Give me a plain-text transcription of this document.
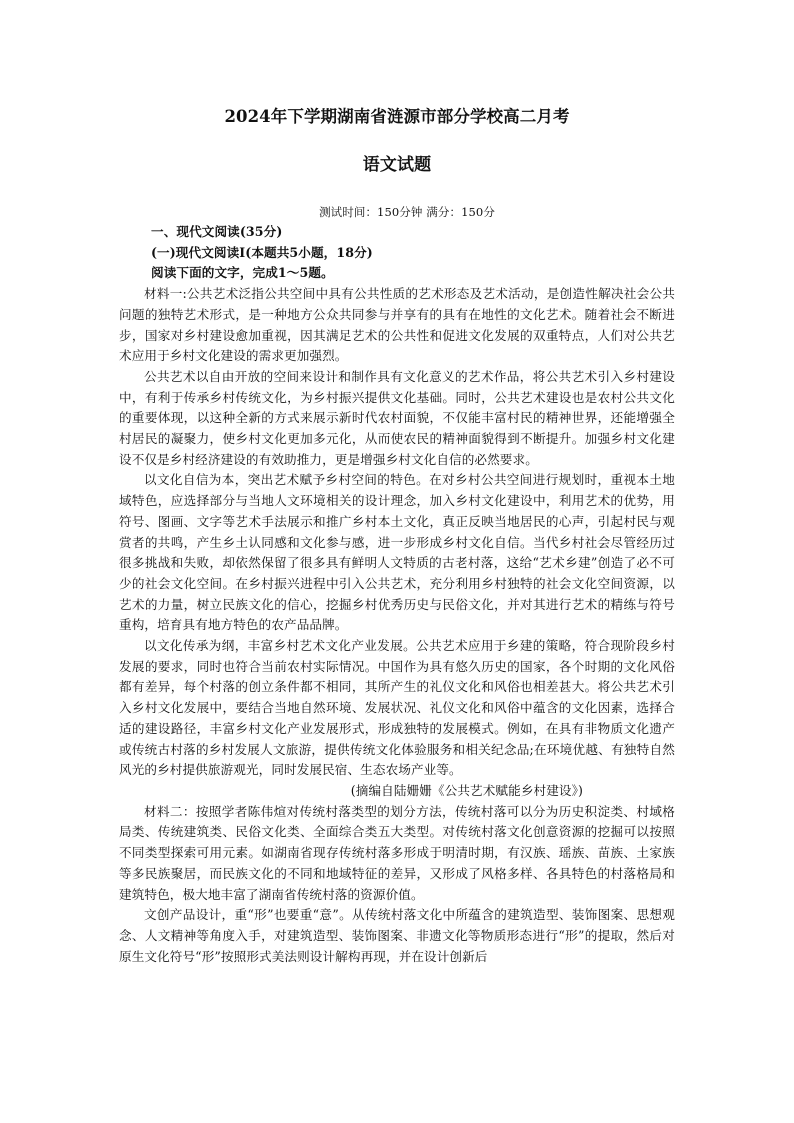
2024年下学期湖南省涟源市部分学校高二月考
语文试题
测试时间：150分钟 满分：150分
一、现代文阅读(35分)
(一)现代文阅读Ⅰ(本题共5小题，18分)
阅读下面的文字，完成1～5题。

材料一:公共艺术泛指公共空间中具有公共性质的艺术形态及艺术活动，是创造性解决社会公共问题的独特艺术形式，是一种地方公众共同参与并享有的具有在地性的文化艺术。随着社会不断进步，国家对乡村建设愈加重视，因其满足艺术的公共性和促进文化发展的双重特点，人们对公共艺术应用于乡村文化建设的需求更加强烈。

公共艺术以自由开放的空间来设计和制作具有文化意义的艺术作品，将公共艺术引入乡村建设中，有利于传承乡村传统文化，为乡村振兴提供文化基础。同时，公共艺术建设也是农村公共文化的重要体现，以这种全新的方式来展示新时代农村面貌，不仅能丰富村民的精神世界，还能增强全村居民的凝聚力，使乡村文化更加多元化，从而使农民的精神面貌得到不断提升。加强乡村文化建设不仅是乡村经济建设的有效助推力，更是增强乡村文化自信的必然要求。

以文化自信为本，突出艺术赋予乡村空间的特色。在对乡村公共空间进行规划时，重视本土地域特色，应选择部分与当地人文环境相关的设计理念，加入乡村文化建设中，利用艺术的优势，用符号、图画、文字等艺术手法展示和推广乡村本土文化，真正反映当地居民的心声，引起村民与观赏者的共鸣，产生乡土认同感和文化参与感，进一步形成乡村文化自信。当代乡村社会尽管经历过很多挑战和失败，却依然保留了很多具有鲜明人文特质的古老村落，这给“艺术乡建”创造了必不可少的社会文化空间。在乡村振兴进程中引入公共艺术，充分利用乡村独特的社会文化空间资源，以艺术的力量，树立民族文化的信心，挖掘乡村优秀历史与民俗文化，并对其进行艺术的精练与符号重构，培育具有地方特色的农产品品牌。

以文化传承为纲，丰富乡村艺术文化产业发展。公共艺术应用于乡建的策略，符合现阶段乡村发展的要求，同时也符合当前农村实际情况。中国作为具有悠久历史的国家，各个时期的文化风俗都有差异，每个村落的创立条件都不相同，其所产生的礼仪文化和风俗也相差甚大。将公共艺术引入乡村文化发展中，要结合当地自然环境、发展状况、礼仪文化和风俗中蕴含的文化因素，选择合适的建设路径，丰富乡村文化产业发展形式，形成独特的发展模式。例如，在具有非物质文化遗产或传统古村落的乡村发展人文旅游，提供传统文化体验服务和相关纪念品;在环境优越、有独特自然风光的乡村提供旅游观光，同时发展民宿、生态农场产业等。

(摘编自陆姗姗《公共艺术赋能乡村建设》)

材料二：按照学者陈伟煊对传统村落类型的划分方法，传统村落可以分为历史积淀类、村域格局类、传统建筑类、民俗文化类、全面综合类五大类型。对传统村落文化创意资源的挖掘可以按照不同类型探索可用元素。如湖南省现存传统村落多形成于明清时期，有汉族、瑶族、苗族、土家族等多民族聚居，而民族文化的不同和地域特征的差异，又形成了风格多样、各具特色的村落格局和建筑特色，极大地丰富了湖南省传统村落的资源价值。

文创产品设计，重“形”也要重“意”。从传统村落文化中所蕴含的建筑造型、装饰图案、思想观念、人文精神等角度入手，对建筑造型、装饰图案、非遗文化等物质形态进行“形”的提取，然后对原生文化符号“形”按照形式美法则设计解构再现，并在设计创新后
